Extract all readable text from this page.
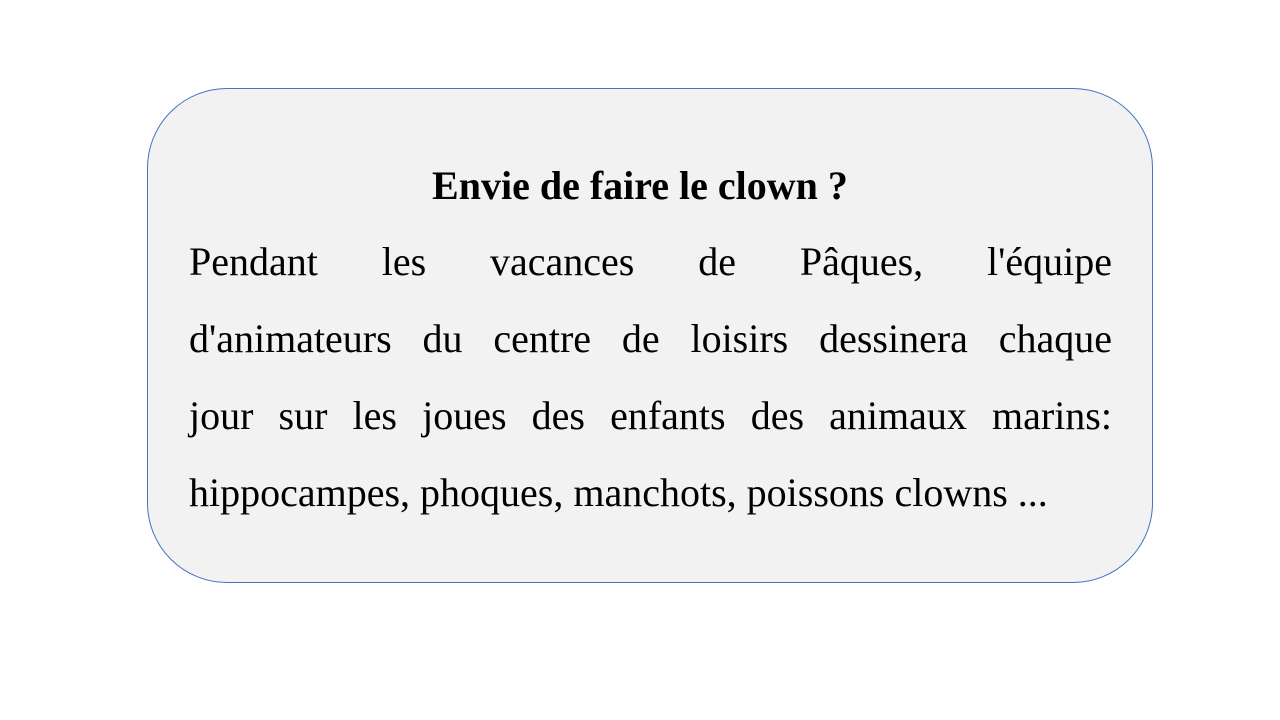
Envie de faire le clown ?
Pendant les vacances de Pâques, l'équipe
d'animateurs du centre de loisirs dessinera chaque
jour sur les joues des enfants des animaux marins:
hippocampes, phoques, manchots, poissons clowns ...
